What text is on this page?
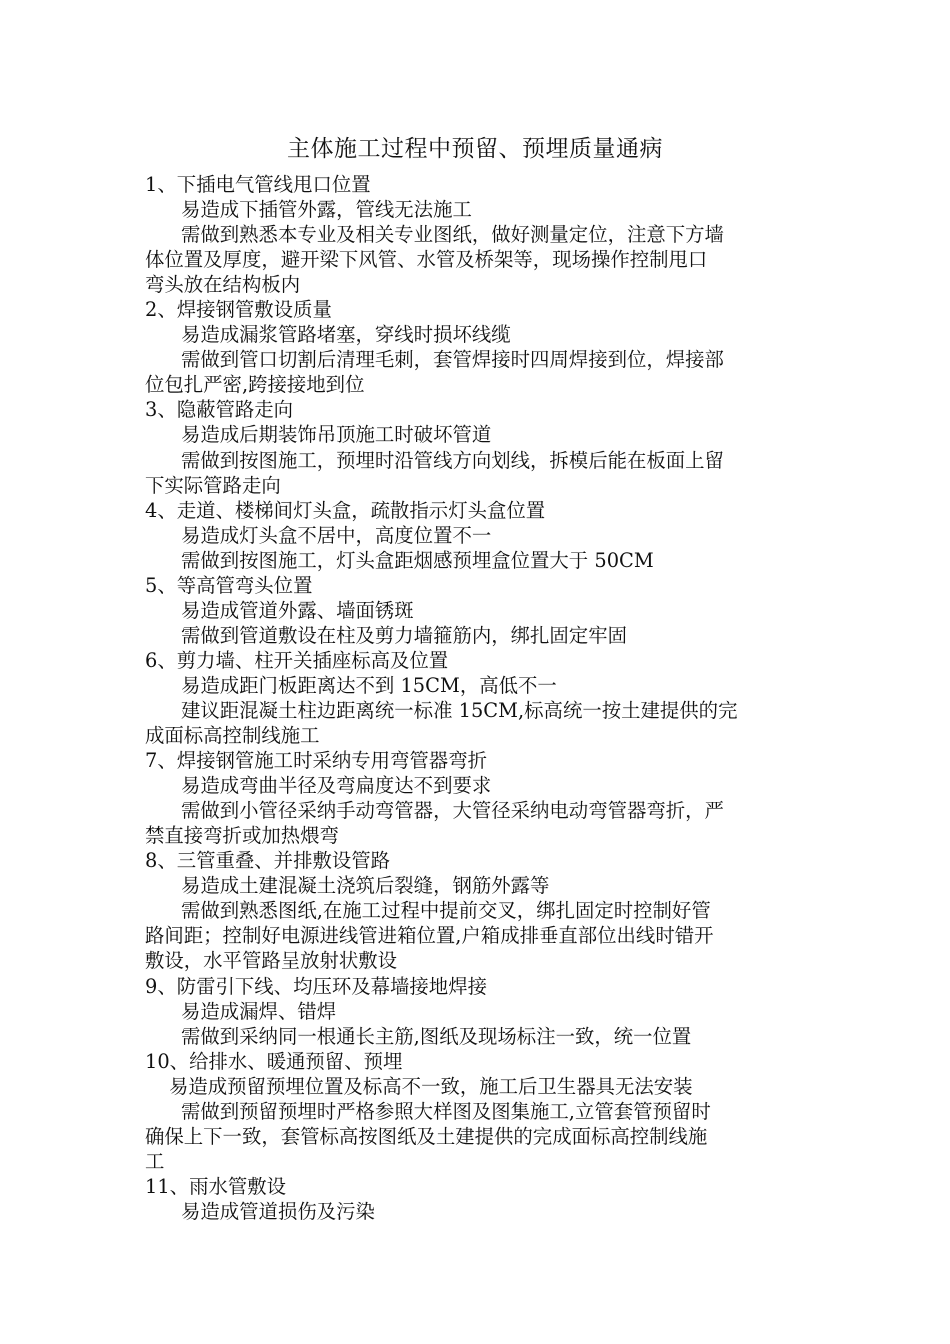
主体施工过程中预留、预埋质量通病
1、下插电气管线甩口位置
易造成下插管外露，管线无法施工
需做到熟悉本专业及相关专业图纸，做好测量定位，注意下方墙
体位置及厚度，避开梁下风管、水管及桥架等，现场操作控制甩口
弯头放在结构板内
2、焊接钢管敷设质量
易造成漏浆管路堵塞，穿线时损坏线缆
需做到管口切割后清理毛刺，套管焊接时四周焊接到位，焊接部
位包扎严密,跨接接地到位
3、隐蔽管路走向
易造成后期装饰吊顶施工时破坏管道
需做到按图施工，预埋时沿管线方向划线，拆模后能在板面上留
下实际管路走向
4、走道、楼梯间灯头盒，疏散指示灯头盒位置
易造成灯头盒不居中，高度位置不一
需做到按图施工，灯头盒距烟感预埋盒位置大于 50CM
5、等高管弯头位置
易造成管道外露、墙面锈斑
需做到管道敷设在柱及剪力墙箍筋内，绑扎固定牢固
6、剪力墙、柱开关插座标高及位置
易造成距门板距离达不到 15CM，高低不一
建议距混凝土柱边距离统一标准 15CM,标高统一按土建提供的完
成面标高控制线施工
7、焊接钢管施工时采纳专用弯管器弯折
易造成弯曲半径及弯扁度达不到要求
需做到小管径采纳手动弯管器，大管径采纳电动弯管器弯折，严
禁直接弯折或加热煨弯
8、三管重叠、并排敷设管路
易造成土建混凝土浇筑后裂缝，钢筋外露等
需做到熟悉图纸,在施工过程中提前交叉，绑扎固定时控制好管
路间距；控制好电源进线管进箱位置,户箱成排垂直部位出线时错开
敷设，水平管路呈放射状敷设
9、防雷引下线、均压环及幕墙接地焊接
易造成漏焊、错焊
需做到采纳同一根通长主筋,图纸及现场标注一致，统一位置
10、给排水、暖通预留、预埋
易造成预留预埋位置及标高不一致，施工后卫生器具无法安装
需做到预留预埋时严格参照大样图及图集施工,立管套管预留时
确保上下一致，套管标高按图纸及土建提供的完成面标高控制线施
工
11、雨水管敷设
易造成管道损伤及污染
